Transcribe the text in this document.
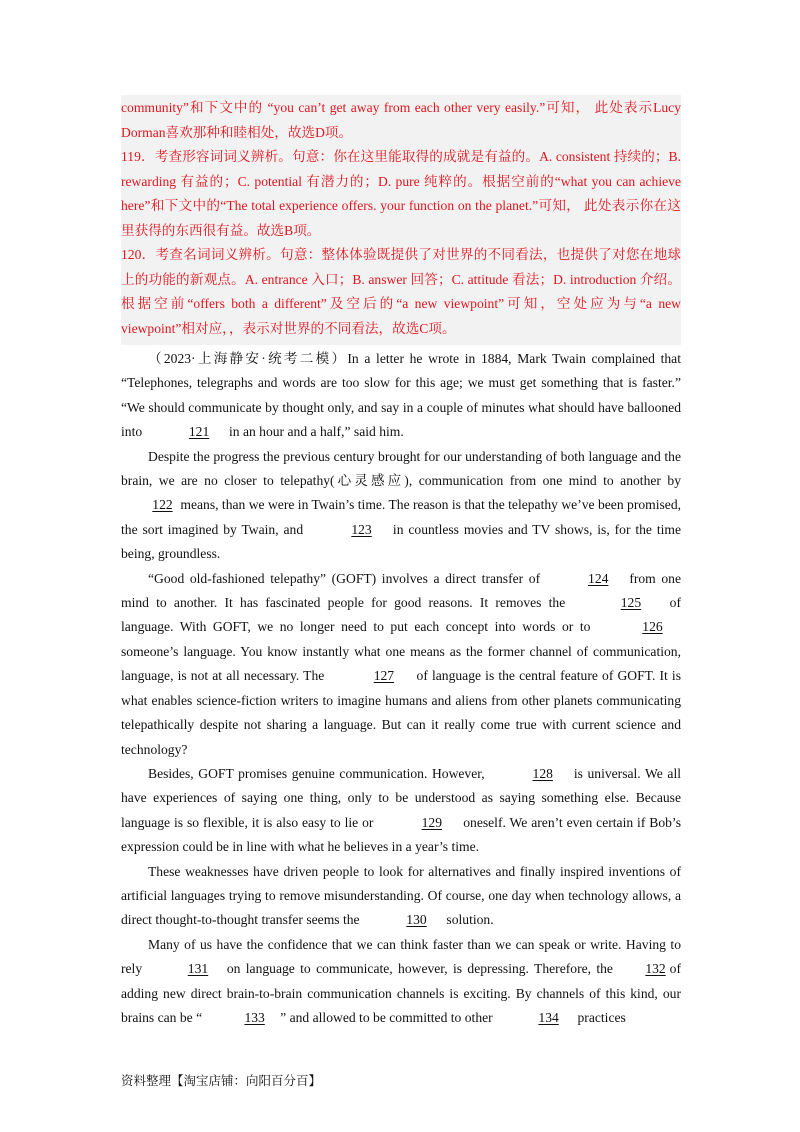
community”和下文中的 “you can’t get away from each other very easily.”可知， 此处表示Lucy Dorman喜欢那种和睦相处，故选D项。

119．考查形容词词义辨析。句意：你在这里能取得的成就是有益的。A. consistent 持续的；B. rewarding 有益的；C. potential 有潜力的；D. pure 纯粹的。根据空前的“what you can achieve here”和下文中的“The total experience offers. your function on the planet.”可知， 此处表示你在这里获得的东西很有益。故选B项。

120．考查名词词义辨析。句意：整体体验既提供了对世界的不同看法，也提供了对您在地球上的功能的新观点。A. entrance 入口；B. answer 回答；C. attitude 看法；D. introduction 介绍。根据空前“offers both a different”及空后的“a new viewpoint”可知，空处应为与“a new viewpoint”相对应，，表示对世界的不同看法，故选C项。

（2023·上海静安·统考二模）In a letter he wrote in 1884, Mark Twain complained that “Telephones, telegraphs and words are too slow for this age; we must get something that is faster.” “We should communicate by thought only, and say in a couple of minutes what should have ballooned into	121 in an hour and a half,” said him.

Despite the progress the previous century brought for our understanding of both language and the brain, we are no closer to telepathy(心灵感应), communication from one mind to another by 122 means, than we were in Twain’s time. The reason is that the telepathy we’ve been promised, the sort imagined by Twain, and	123 in countless movies and TV shows, is, for the time being, groundless.

“Good old-fashioned telepathy” (GOFT) involves a direct transfer of	124 from one mind to another. It has fascinated people for good reasons. It removes the	125 of language. With GOFT, we no longer need to put each concept into words or to	126 someone’s language. You know instantly what one means as the former channel of communication, language, is not at all necessary. The	127 of language is the central feature of GOFT. It is what enables science-fiction writers to imagine humans and aliens from other planets communicating telepathically despite not sharing a language. But can it really come true with current science and technology?

Besides, GOFT promises genuine communication. However,	128 is universal. We all have experiences of saying one thing, only to be understood as saying something else. Because language is so flexible, it is also easy to lie or	129 oneself. We aren’t even certain if Bob’s expression could be in line with what he believes in a year’s time.

These weaknesses have driven people to look for alternatives and finally inspired inventions of artificial languages trying to remove misunderstanding. Of course, one day when technology allows, a direct thought-to-thought transfer seems the	130 solution.

Many of us have the confidence that we can think faster than we can speak or write. Having to rely	131 on language to communicate, however, is depressing. Therefore, the 132 of adding new direct brain-to-brain communication channels is exciting. By channels of this kind, our brains can be “	133 ” and allowed to be committed to other	134 practices

资料整理【淘宝店铺：向阳百分百】
